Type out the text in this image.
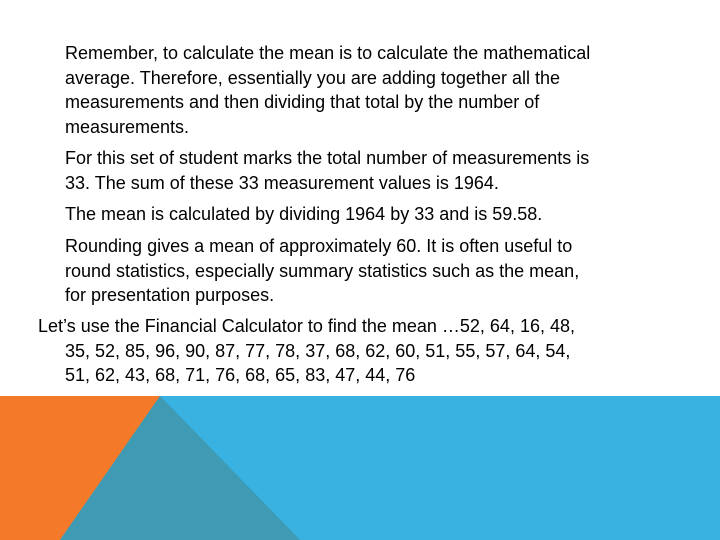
Remember, to calculate the mean is to calculate the mathematical
average. Therefore, essentially you are adding together all the
measurements and then dividing that total by the number of
measurements.

For this set of student marks the total number of measurements is
33. The sum of these 33 measurement values is 1964.

The mean is calculated by dividing 1964 by 33 and is 59.58.

Rounding gives a mean of approximately 60. It is often useful to
round statistics, especially summary statistics such as the mean,
for presentation purposes.

Let’s use the Financial Calculator to find the mean …52, 64, 16, 48,
35, 52, 85, 96, 90, 87, 77, 78, 37, 68, 62, 60, 51, 55, 57, 64, 54,
51, 62, 43, 68, 71, 76, 68, 65, 83, 47, 44, 76
